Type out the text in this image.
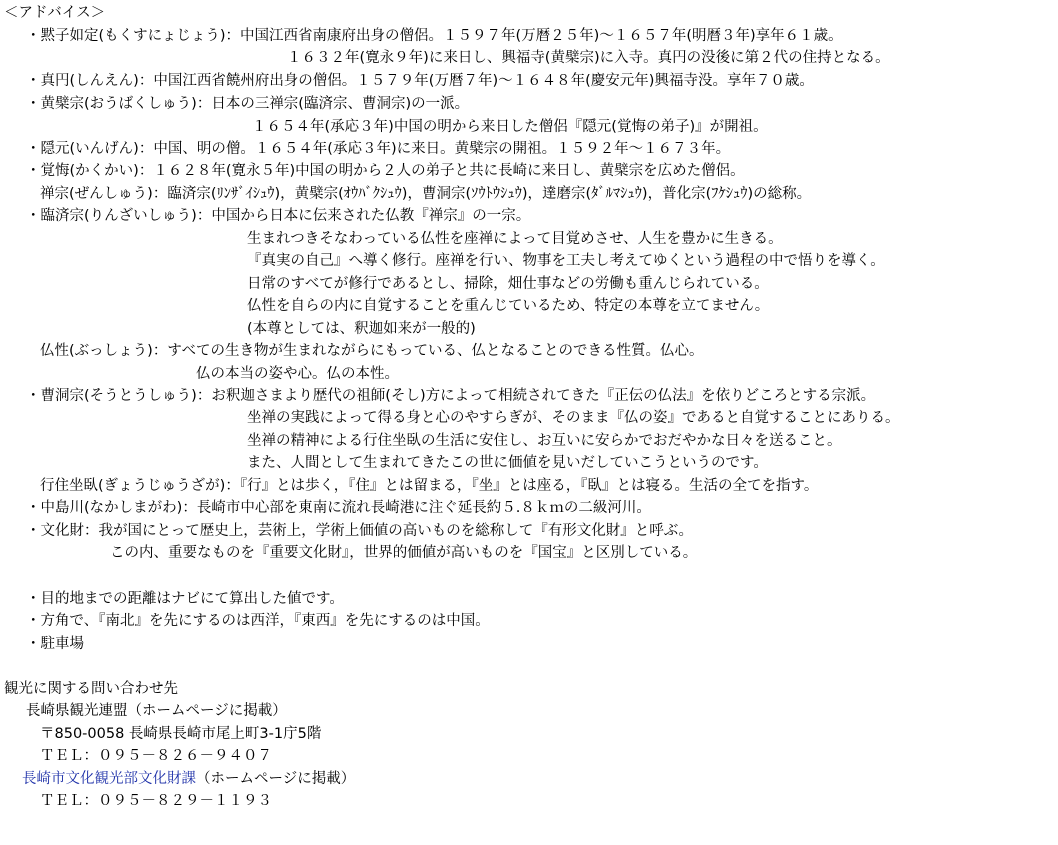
＜アドバイス＞
・黙子如定(もくすにょじょう)：中国江西省南康府出身の僧侶。１５９７年(万暦２５年)～１６５７年(明暦３年)享年６１歳。
１６３２年(寛永９年)に来日し、興福寺(黄檗宗)に入寺。真円の没後に第２代の住持となる。
・真円(しんえん)：中国江西省饒州府出身の僧侶。１５７９年(万暦７年)～１６４８年(慶安元年)興福寺没。享年７０歳。
・黄檗宗(おうばくしゅう)：日本の三禅宗(臨済宗、曹洞宗)の一派。
１６５４年(承応３年)中国の明から来日した僧侶『隠元(覚悔の弟子)』が開祖。
・隠元(いんげん)：中国、明の僧。１６５４年(承応３年)に来日。黄檗宗の開祖。１５９２年～１６７３年。
・覚悔(かくかい)：１６２８年(寛永５年)中国の明から２人の弟子と共に長崎に来日し、黄檗宗を広めた僧侶。
禅宗(ぜんしゅう)：臨済宗(ﾘﾝｻﾞｲｼｭｳ)，黄檗宗(ｵｳﾊﾞｸｼｭｳ)，曹洞宗(ｿｳﾄｳｼｭｳ)，達磨宗(ﾀﾞﾙﾏｼｭｳ)，普化宗(ﾌｹｼｭｳ)の総称。
・臨済宗(りんざいしゅう)：中国から日本に伝来された仏教『禅宗』の一宗。
生まれつきそなわっている仏性を座禅によって目覚めさせ、人生を豊かに生きる。
『真実の自己』へ導く修行。座禅を行い、物事を工夫し考えてゆくという過程の中で悟りを導く。
日常のすべてが修行であるとし、掃除，畑仕事などの労働も重んじられている。
仏性を自らの内に自覚することを重んじているため、特定の本尊を立てません。
(本尊としては、釈迦如来が一般的)
仏性(ぶっしょう)：すべての生き物が生まれながらにもっている、仏となることのできる性質。仏心。
仏の本当の姿や心。仏の本性。
・曹洞宗(そうとうしゅう)：お釈迦さまより歴代の祖師(そし)方によって相続されてきた『正伝の仏法』を依りどころとする宗派。
坐禅の実践によって得る身と心のやすらぎが、そのまま『仏の姿』であると自覚することにありる。
坐禅の精神による行住坐臥の生活に安住し、お互いに安らかでおだやかな日々を送ること。
また、人間として生まれてきたこの世に価値を見いだしていこうというのです。
行住坐臥(ぎょうじゅうざが)：『行』とは歩く，『住』とは留まる，『坐』とは座る，『臥』とは寝る。生活の全てを指す。
・中島川(なかしまがわ)：長崎市中心部を東南に流れ長崎港に注ぐ延長約５.８ｋｍの二級河川。
・文化財：我が国にとって歴史上，芸術上，学術上価値の高いものを総称して『有形文化財』と呼ぶ。
この内、重要なものを『重要文化財』，世界的価値が高いものを『国宝』と区別している。
・目的地までの距離はナビにて算出した値です。
・方角で、『南北』を先にするのは西洋，『東西』を先にするのは中国。
・駐車場
観光に関する問い合わせ先
長崎県観光連盟（ホームページに掲載）
〒850-0058 長崎県長崎市尾上町3-1庁5階
ＴＥＬ：０９５－８２６－９４０７
長崎市文化観光部文化財課（ホームページに掲載）
ＴＥＬ：０９５－８２９－１１９３
